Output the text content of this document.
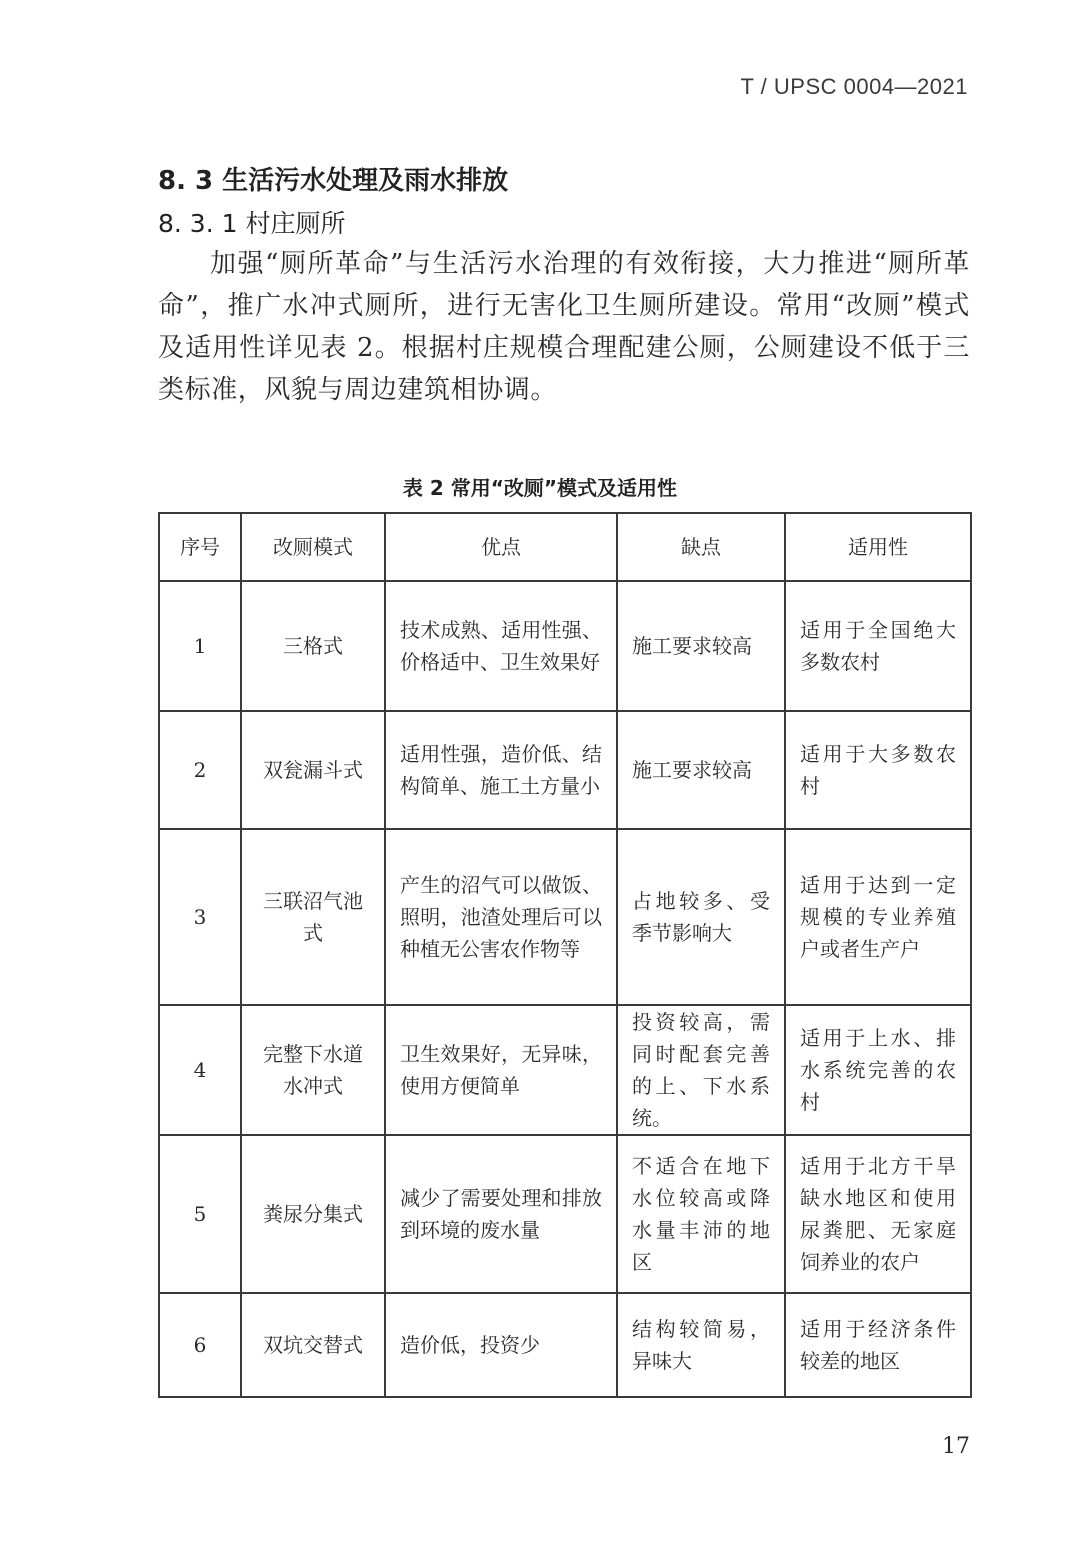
T / UPSC 0004—2021
8. 3 生活污水处理及雨水排放
8. 3. 1 村庄厕所
加强“厕所革命”与生活污水治理的有效衔接，大力推进“厕所革命”，推广水冲式厕所，进行无害化卫生厕所建设。常用“改厕”模式及适用性详见表 2。根据村庄规模合理配建公厕，公厕建设不低于三类标准，风貌与周边建筑相协调。
表 2 常用“改厕”模式及适用性
序号	改厕模式	优点	缺点	适用性
1	三格式	技术成熟、适用性强、价格适中、卫生效果好	施工要求较高	适用于全国绝大多数农村
2	双瓮漏斗式	适用性强，造价低、结构简单、施工土方量小	施工要求较高	适用于大多数农村
3	三联沼气池式	产生的沼气可以做饭、照明，池渣处理后可以种植无公害农作物等	占地较多、受季节影响大	适用于达到一定规模的专业养殖户或者生产户
4	完整下水道水冲式	卫生效果好，无异味，使用方便简单	投资较高，需同时配套完善的上、下水系统。	适用于上水、排水系统完善的农村
5	粪尿分集式	减少了需要处理和排放到环境的废水量	不适合在地下水位较高或降水量丰沛的地区	适用于北方干旱缺水地区和使用尿粪肥、无家庭饲养业的农户
6	双坑交替式	造价低，投资少	结构较简易，异味大	适用于经济条件较差的地区
17
